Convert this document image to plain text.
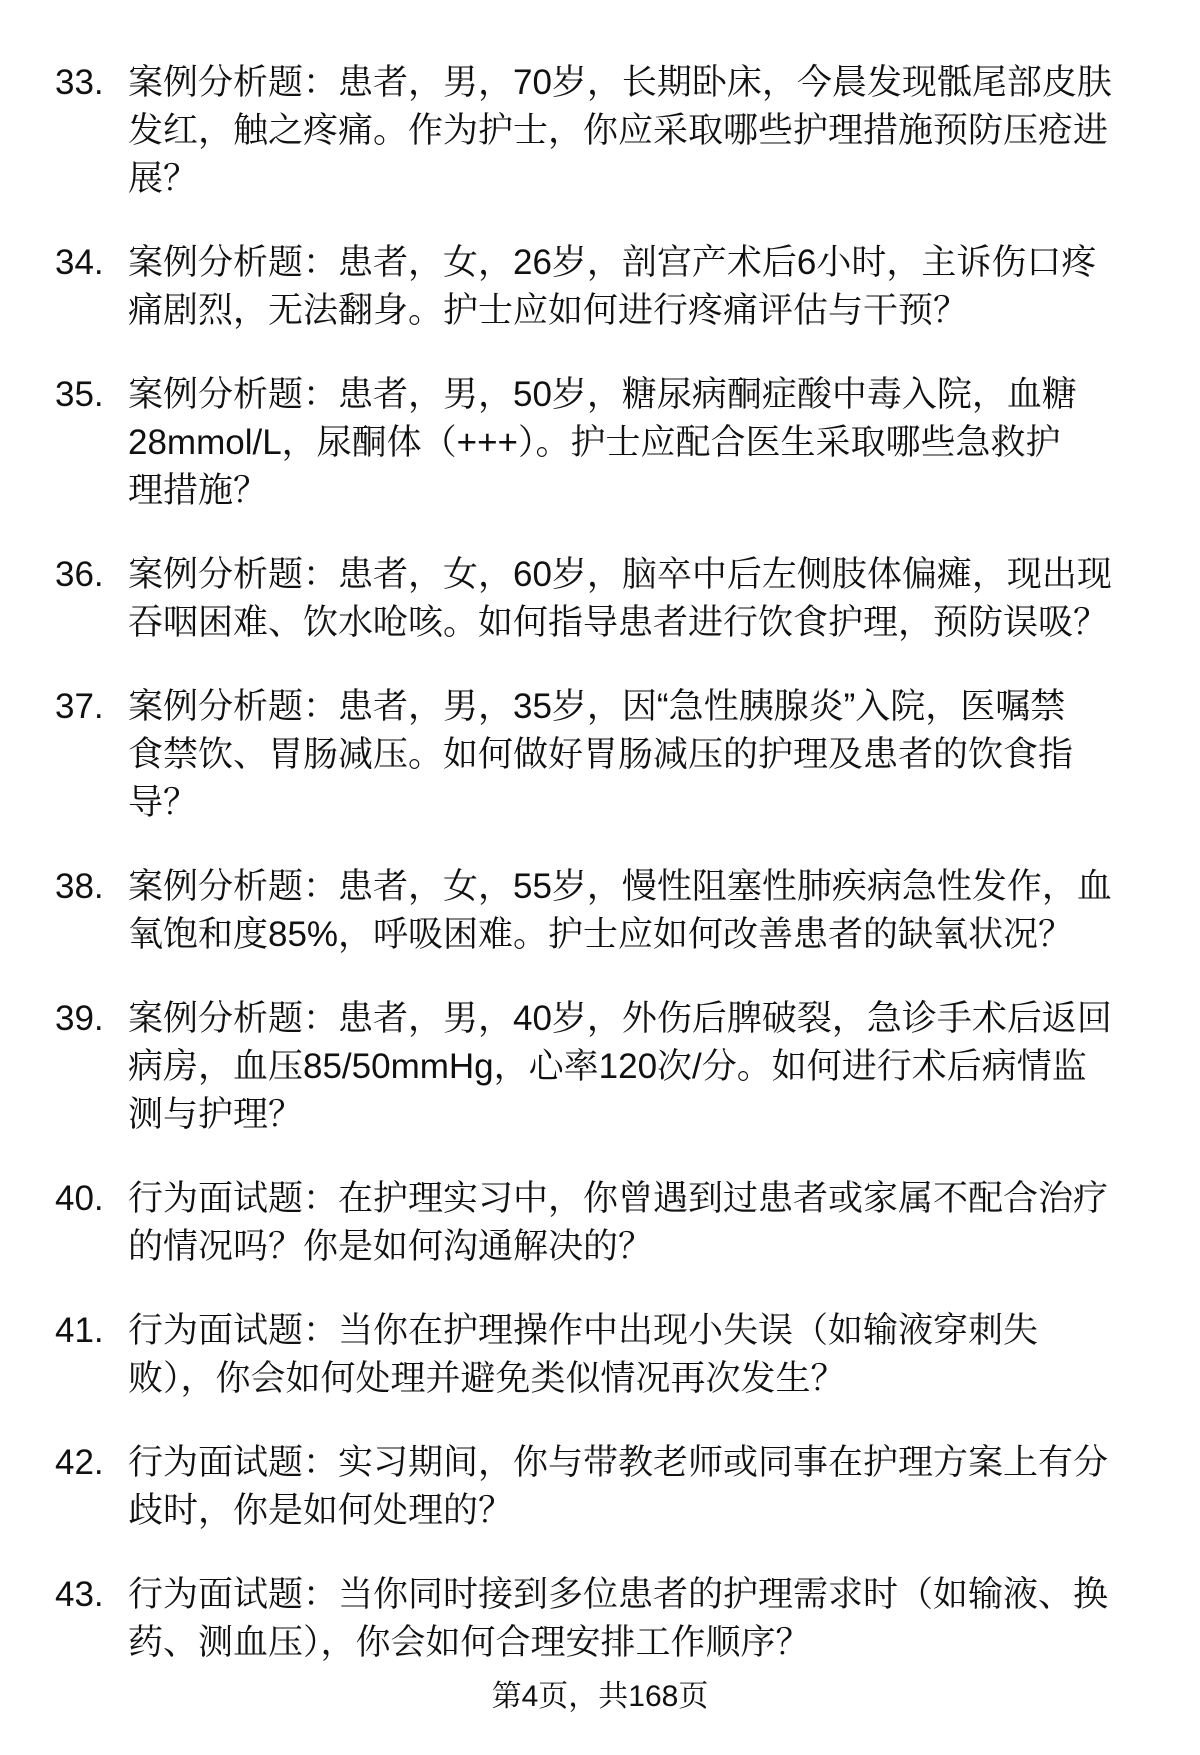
33. 案例分析题：患者，男，70岁，长期卧床，今晨发现骶尾部皮肤
发红，触之疼痛。作为护士，你应采取哪些护理措施预防压疮进
展？
34. 案例分析题：患者，女，26岁，剖宫产术后6小时，主诉伤口疼
痛剧烈，无法翻身。护士应如何进行疼痛评估与干预？
35. 案例分析题：患者，男，50岁，糖尿病酮症酸中毒入院，血糖
28mmol/L，尿酮体（+++）。护士应配合医生采取哪些急救护
理措施？
36. 案例分析题：患者，女，60岁，脑卒中后左侧肢体偏瘫，现出现
吞咽困难、饮水呛咳。如何指导患者进行饮食护理，预防误吸？
37. 案例分析题：患者，男，35岁，因“急性胰腺炎”入院，医嘱禁
食禁饮、胃肠减压。如何做好胃肠减压的护理及患者的饮食指
导？
38. 案例分析题：患者，女，55岁，慢性阻塞性肺疾病急性发作，血
氧饱和度85%，呼吸困难。护士应如何改善患者的缺氧状况？
39. 案例分析题：患者，男，40岁，外伤后脾破裂，急诊手术后返回
病房，血压85/50mmHg，心率120次/分。如何进行术后病情监
测与护理？
40. 行为面试题：在护理实习中，你曾遇到过患者或家属不配合治疗
的情况吗？你是如何沟通解决的？
41. 行为面试题：当你在护理操作中出现小失误（如输液穿刺失
败），你会如何处理并避免类似情况再次发生？
42. 行为面试题：实习期间，你与带教老师或同事在护理方案上有分
歧时，你是如何处理的？
43. 行为面试题：当你同时接到多位患者的护理需求时（如输液、换
药、测血压），你会如何合理安排工作顺序？
第4页，共168页
